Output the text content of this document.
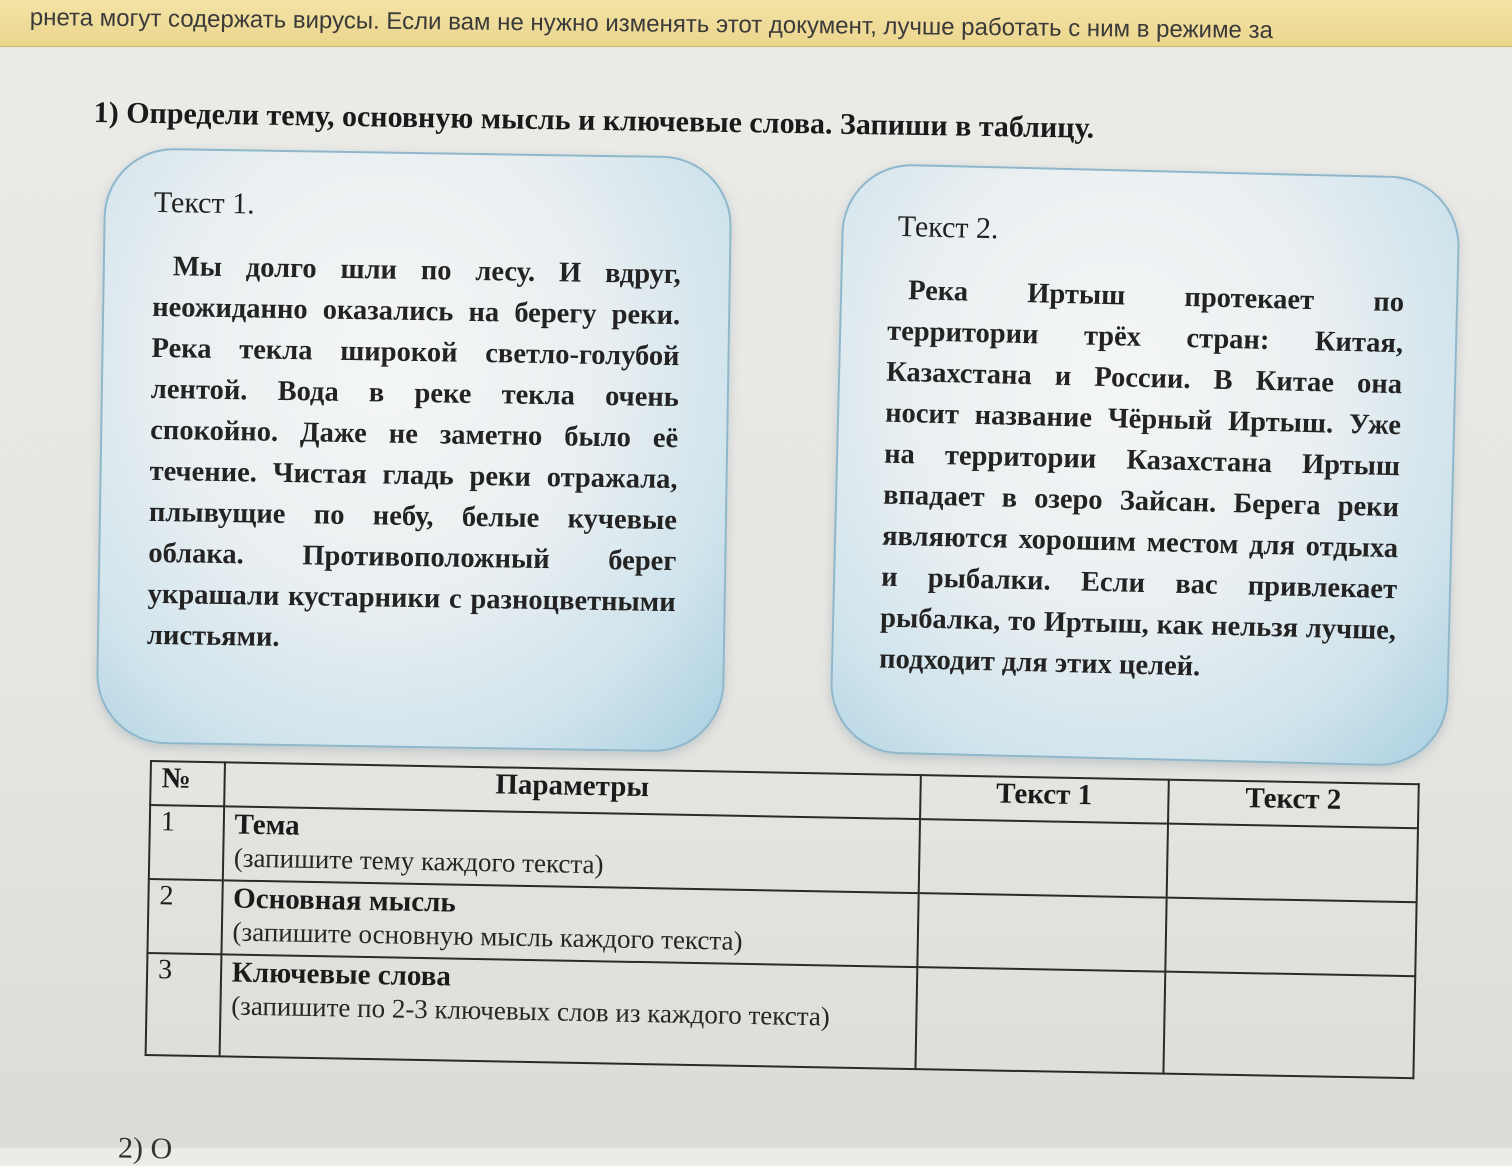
рнета могут содержать вирусы. Если вам не нужно изменять этот документ, лучше работать с ним в режиме за
1) Определи тему, основную мысль и ключевые слова. Запиши в таблицу.
Текст 1.
Мы долго шли по лесу. И вдруг, неожиданно оказались на берегу реки. Река текла широкой светло-голубой лентой. Вода в реке текла очень спокойно. Даже не заметно было её течение. Чистая гладь реки отражала, плывущие по небу, белые кучевые облака. Противоположный берег украшали кустарники с разноцветными листьями.
Текст 2.
Река Иртыш протекает по территории трёх стран: Китая, Казахстана и России. В Китае она носит название Чёрный Иртыш. Уже на территории Казахстана Иртыш впадает в озеро Зайсан. Берега реки являются хорошим местом для отдыха и рыбалки. Если вас привлекает рыбалка, то Иртыш, как нельзя лучше, подходит для этих целей.
№	Параметры	Текст 1	Текст 2
1	Тема
(запишите тему каждого текста)		

2	Основная мысль
(запишите основную мысль каждого текста)		

3	Ключевые слова
(запишите по 2-3 ключевых слов из каждого текста)		

2) О
